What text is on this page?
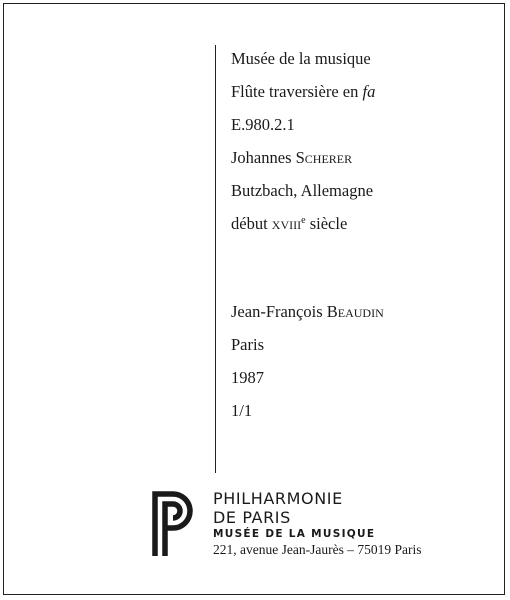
Musée de la musique
Flûte traversière en fa
E.980.2.1
Johannes Scherer
Butzbach, Allemagne
début xviii$^e$ siècle
Jean-François Beaudin
Paris
1987
1/1
PHILHARMONIE
DE PARIS
MUSÉE DE LA MUSIQUE
221, avenue Jean-Jaurès – 75019 Paris
